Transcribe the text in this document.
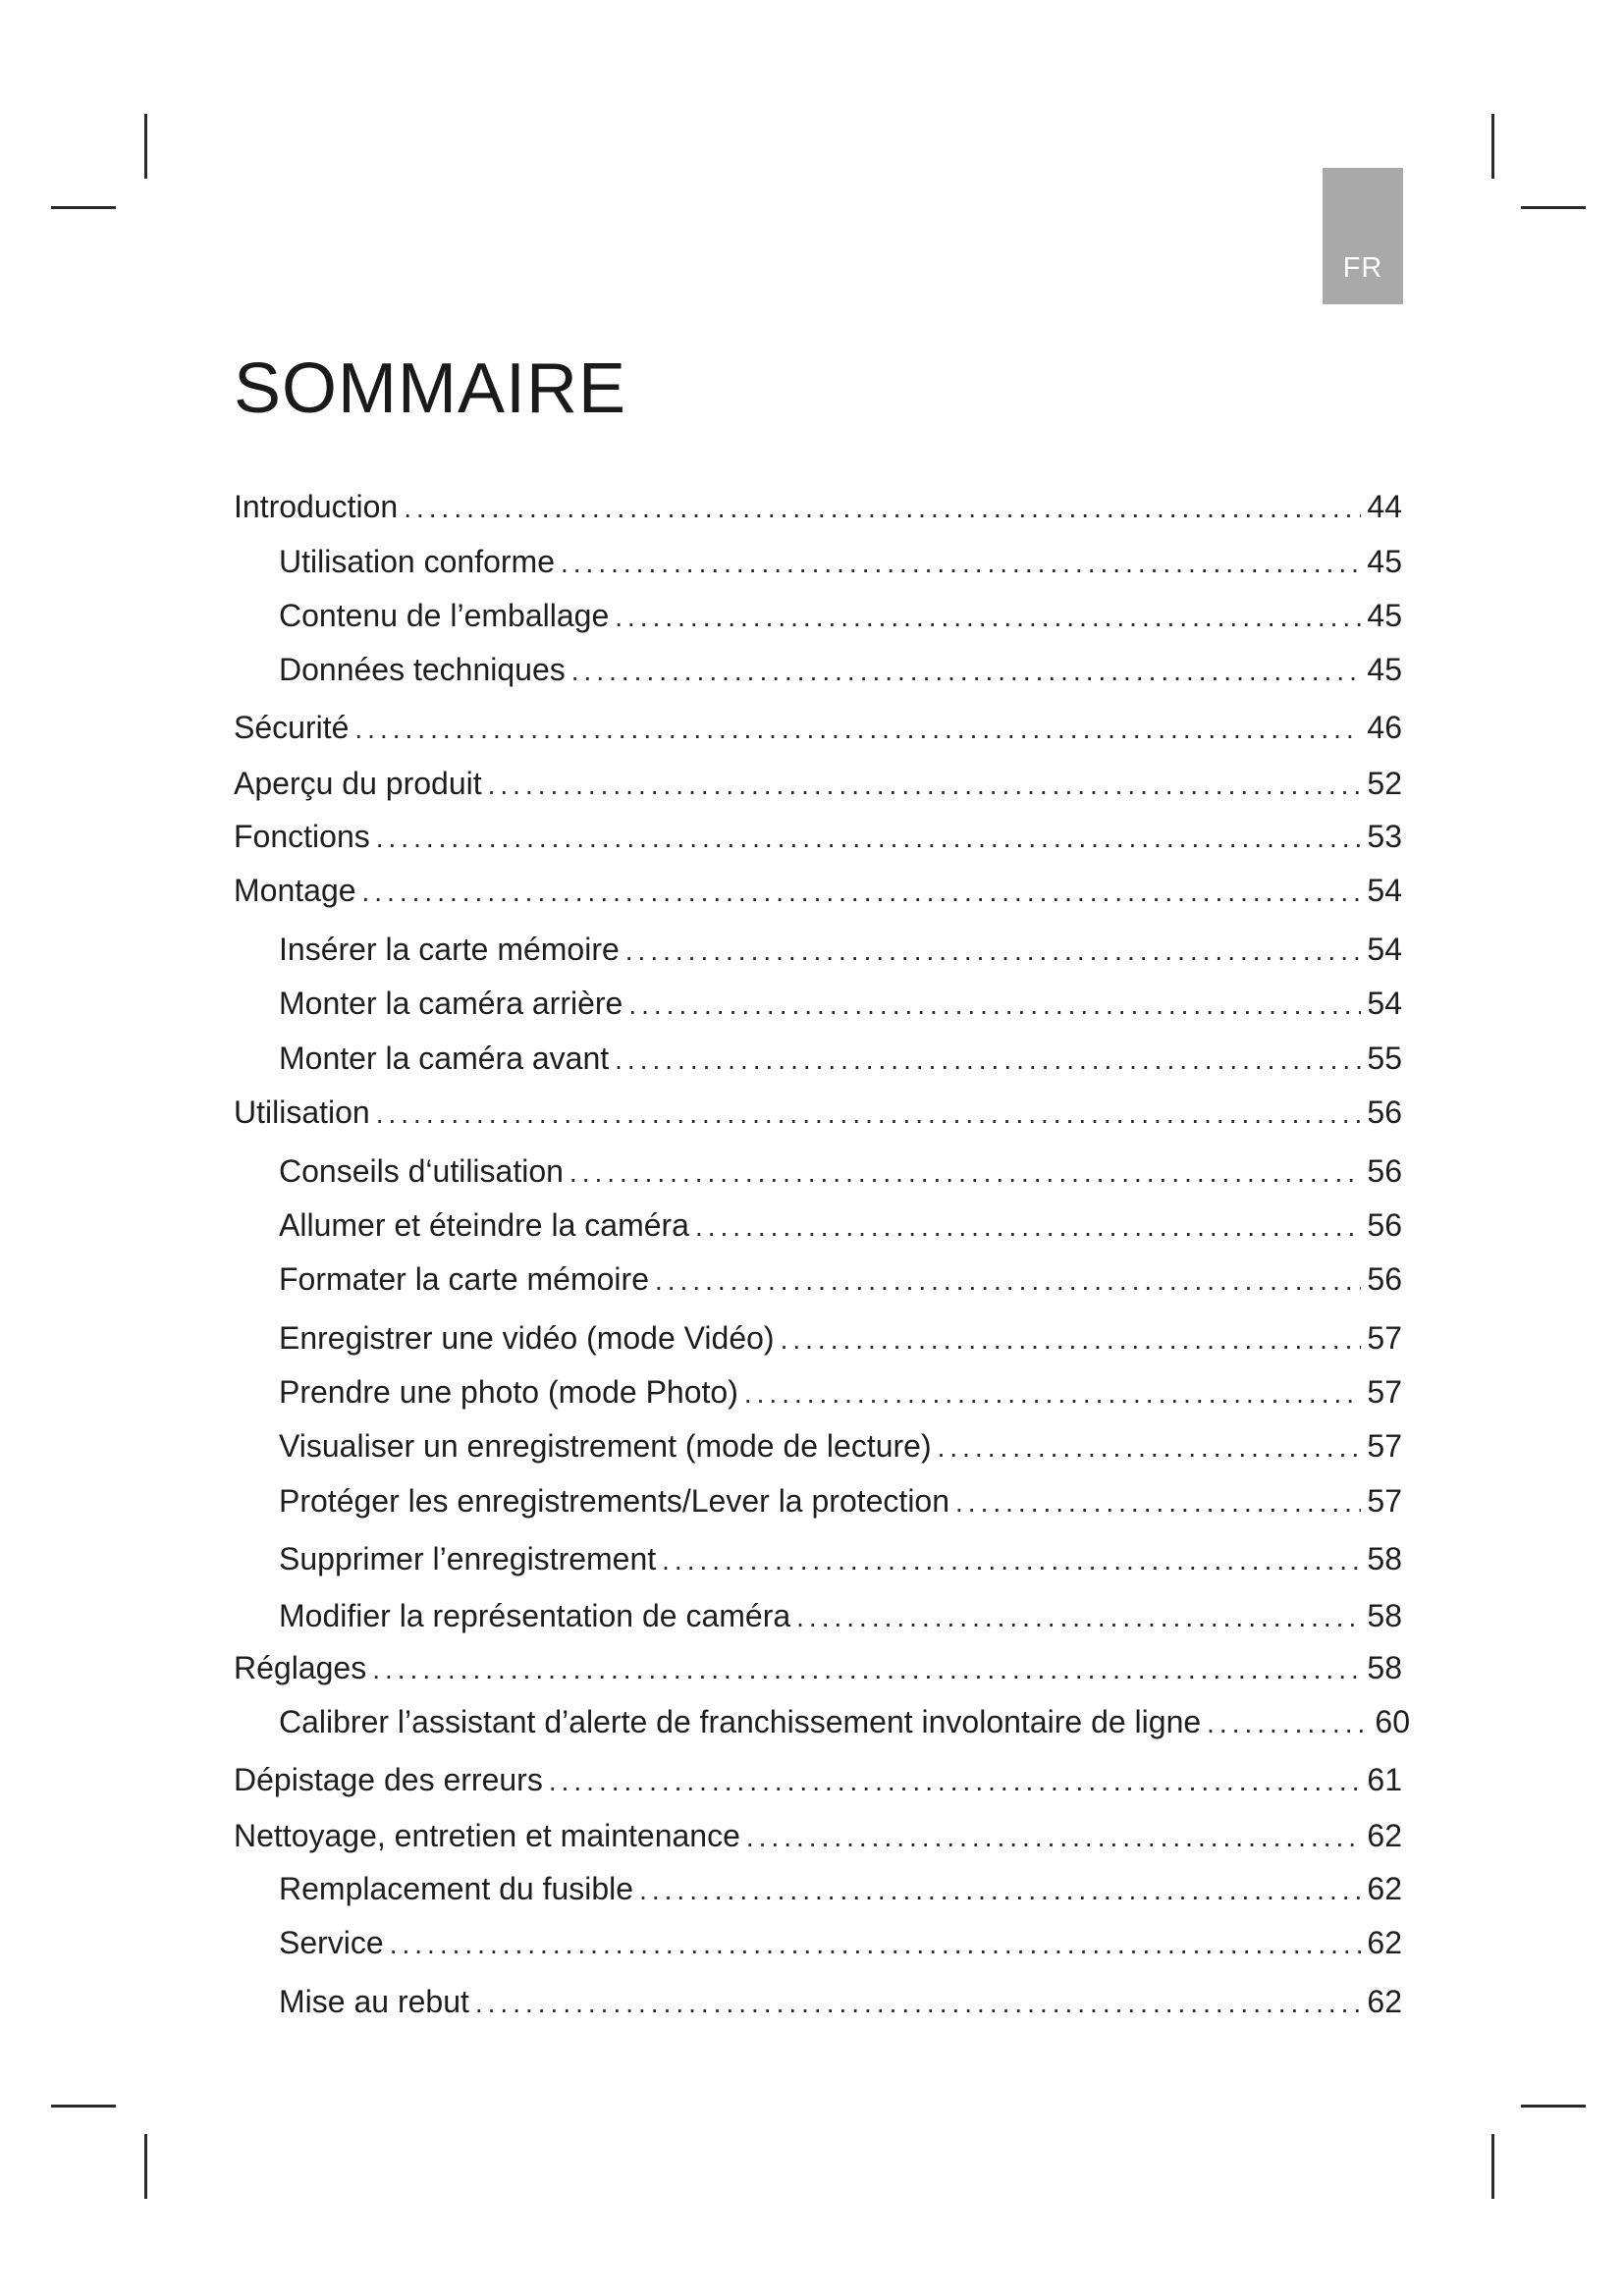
FR
SOMMAIRE
Introduction .....	44
Utilisation conforme .....	45
Contenu de l’emballage .....	45
Données techniques .....	45
Sécurité .....	46
Aperçu du produit .....	52
Fonctions .....	53
Montage .....	54
Insérer la carte mémoire .....	54
Monter la caméra arrière .....	54
Monter la caméra avant .....	55
Utilisation .....	56
Conseils d‘utilisation .....	56
Allumer et éteindre la caméra .....	56
Formater la carte mémoire .....	56
Enregistrer une vidéo (mode Vidéo) .....	57
Prendre une photo (mode Photo) .....	57
Visualiser un enregistrement (mode de lecture) .....	57
Protéger les enregistrements/Lever la protection .....	57
Supprimer l’enregistrement .....	58
Modifier la représentation de caméra .....	58
Réglages .....	58
Calibrer l’assistant d’alerte de franchissement involontaire de ligne .....	60
Dépistage des erreurs .....	61
Nettoyage, entretien et maintenance .....	62
Remplacement du fusible .....	62
Service .....	62
Mise au rebut .....	62
